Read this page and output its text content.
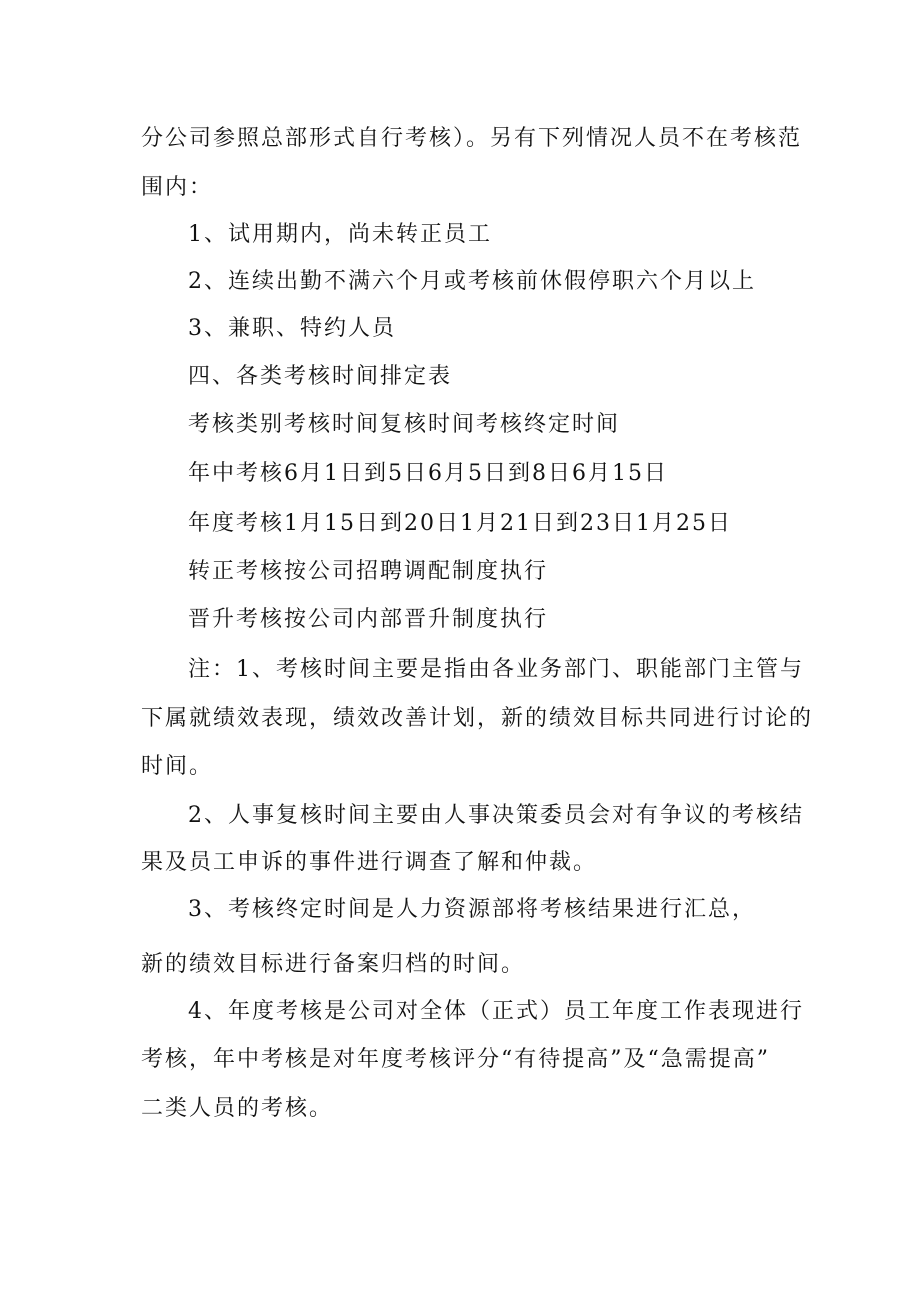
分公司参照总部形式自行考核）。另有下列情况人员不在考核范
围内：
1、试用期内，尚未转正员工
2、连续出勤不满六个月或考核前休假停职六个月以上
3、兼职、特约人员
四、各类考核时间排定表
考核类别考核时间复核时间考核终定时间
年中考核6月1日到5日6月5日到8日6月15日
年度考核1月15日到20日1月21日到23日1月25日
转正考核按公司招聘调配制度执行
晋升考核按公司内部晋升制度执行
注：1、考核时间主要是指由各业务部门、职能部门主管与
下属就绩效表现，绩效改善计划，新的绩效目标共同进行讨论的
时间。
2、人事复核时间主要由人事决策委员会对有争议的考核结
果及员工申诉的事件进行调查了解和仲裁。
3、考核终定时间是人力资源部将考核结果进行汇总，
新的绩效目标进行备案归档的时间。
4、年度考核是公司对全体（正式）员工年度工作表现进行
考核，年中考核是对年度考核评分“有待提高”及“急需提高”
二类人员的考核。
